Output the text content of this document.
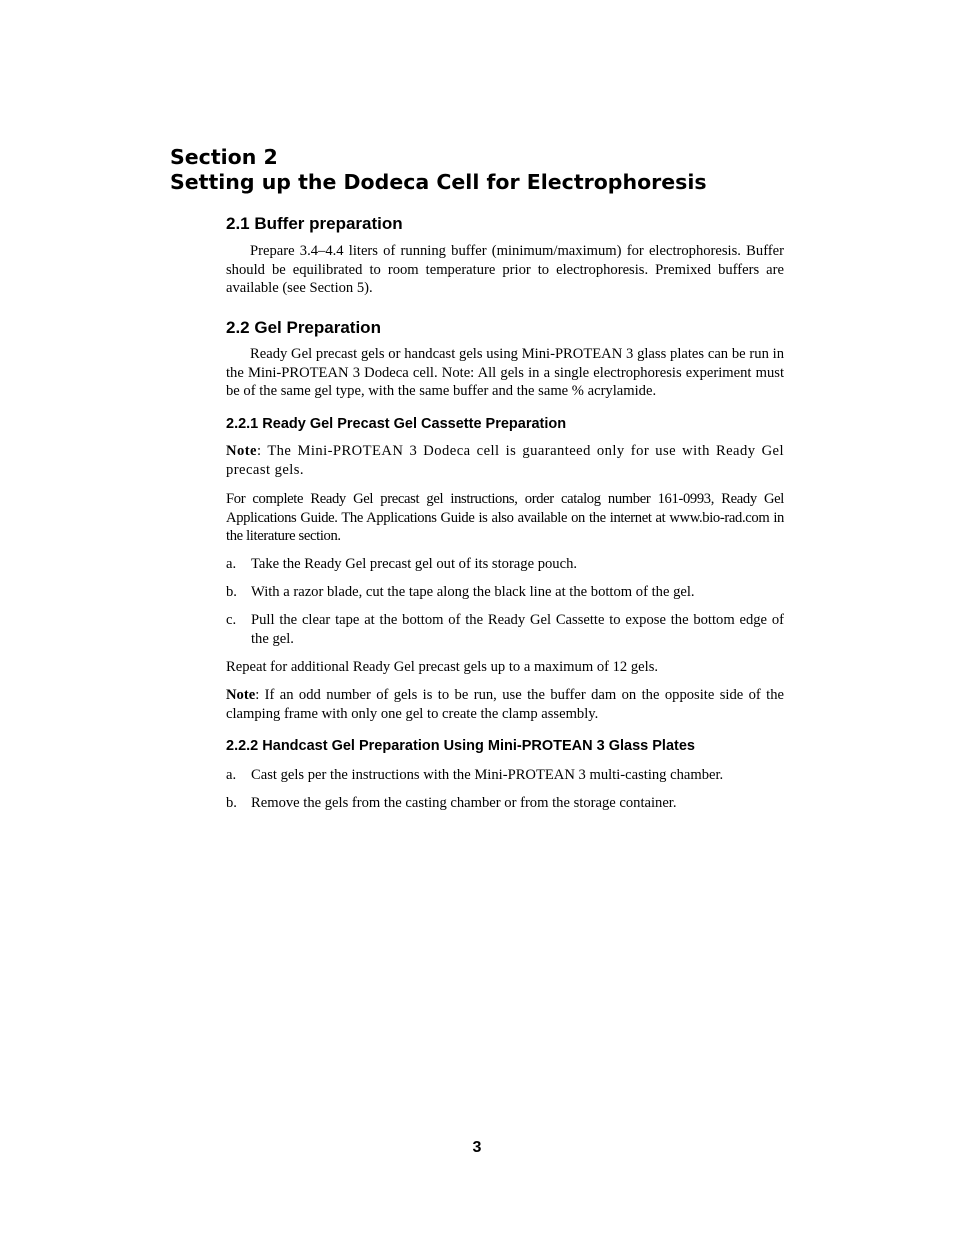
Section 2
Setting up the Dodeca Cell for Electrophoresis
2.1 Buffer preparation

Prepare 3.4–4.4 liters of running buffer (minimum/maximum) for electrophoresis. Buffer should be equilibrated to room temperature prior to electrophoresis. Premixed buffers are available (see Section 5).

2.2 Gel Preparation

Ready Gel precast gels or handcast gels using Mini-PROTEAN 3 glass plates can be run in the Mini-PROTEAN 3 Dodeca cell. Note: All gels in a single electrophoresis experiment must be of the same gel type, with the same buffer and the same % acrylamide.

2.2.1 Ready Gel Precast Gel Cassette Preparation

Note: The Mini-PROTEAN 3 Dodeca cell is guaranteed only for use with Ready Gel precast gels.

For complete Ready Gel precast gel instructions, order catalog number 161-0993, Ready Gel Applications Guide. The Applications Guide is also available on the internet at www.bio-rad.com in the literature section.

a.	Take the Ready Gel precast gel out of its storage pouch.

b. With a razor blade, cut the tape along the black line at the bottom of the gel.

c.	Pull the clear tape at the bottom of the Ready Gel Cassette to expose the bottom edge of the gel.

Repeat for additional Ready Gel precast gels up to a maximum of 12 gels.

Note: If an odd number of gels is to be run, use the buffer dam on the opposite side of the clamping frame with only one gel to create the clamp assembly.

2.2.2 Handcast Gel Preparation Using Mini-PROTEAN 3 Glass Plates

a.	Cast gels per the instructions with the Mini-PROTEAN 3 multi-casting chamber.

b. Remove the gels from the casting chamber or from the storage container.

3
